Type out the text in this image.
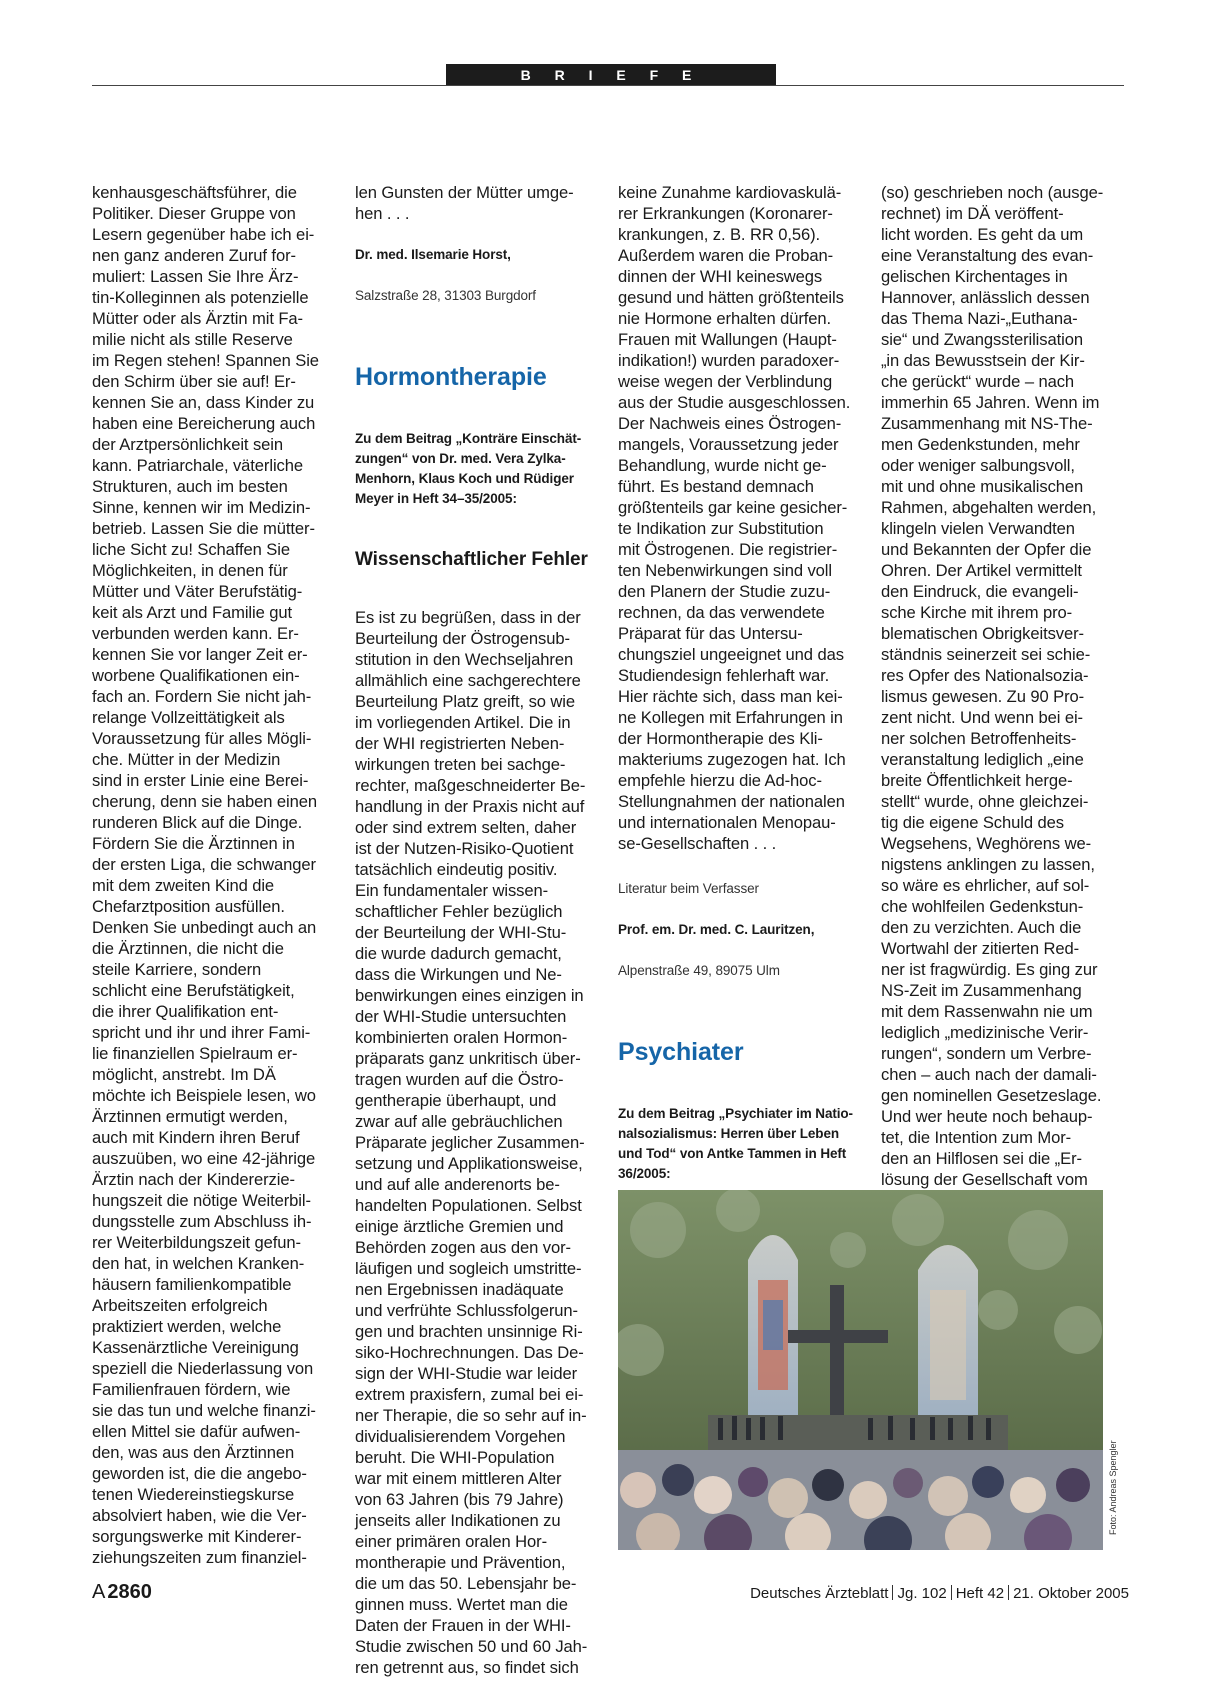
B R I E F E

kenhausgeschäftsführer, die
Politiker. Dieser Gruppe von
Lesern gegenüber habe ich ei-
nen ganz anderen Zuruf for-
muliert: Lassen Sie Ihre Ärz-
tin-Kolleginnen als potenzielle
Mütter oder als Ärztin mit Fa-
milie nicht als stille Reserve
im Regen stehen! Spannen Sie
den Schirm über sie auf! Er-
kennen Sie an, dass Kinder zu
haben eine Bereicherung auch
der Arztpersönlichkeit sein
kann. Patriarchale, väterliche
Strukturen, auch im besten
Sinne, kennen wir im Medizin-
betrieb. Lassen Sie die mütter-
liche Sicht zu! Schaffen Sie
Möglichkeiten, in denen für
Mütter und Väter Berufstätig-
keit als Arzt und Familie gut
verbunden werden kann. Er-
kennen Sie vor langer Zeit er-
worbene Qualifikationen ein-
fach an. Fordern Sie nicht jah-
relange Vollzeittätigkeit als
Voraussetzung für alles Mögli-
che. Mütter in der Medizin
sind in erster Linie eine Berei-
cherung, denn sie haben einen
runderen Blick auf die Dinge.
Fördern Sie die Ärztinnen in
der ersten Liga, die schwanger
mit dem zweiten Kind die
Chefarztposition ausfüllen.
Denken Sie unbedingt auch an
die Ärztinnen, die nicht die
steile Karriere, sondern
schlicht eine Berufstätigkeit,
die ihrer Qualifikation ent-
spricht und ihr und ihrer Fami-
lie finanziellen Spielraum er-
möglicht, anstrebt. Im DÄ
möchte ich Beispiele lesen, wo
Ärztinnen ermutigt werden,
auch mit Kindern ihren Beruf
auszuüben, wo eine 42-jährige
Ärztin nach der Kindererzie-
hungszeit die nötige Weiterbil-
dungsstelle zum Abschluss ih-
rer Weiterbildungszeit gefun-
den hat, in welchen Kranken-
häusern familienkompatible
Arbeitszeiten erfolgreich
praktiziert werden, welche
Kassenärztliche Vereinigung
speziell die Niederlassung von
Familienfrauen fördern, wie
sie das tun und welche finanzi-
ellen Mittel sie dafür aufwen-
den, was aus den Ärztinnen
geworden ist, die die angebo-
tenen Wiedereinstiegskurse
absolviert haben, wie die Ver-
sorgungswerke mit Kinderer-
ziehungszeiten zum finanziel-

len Gunsten der Mütter umge-
hen . . .

Dr. med. Ilsemarie Horst,

Salzstraße 28, 31303 Burgdorf

Hormontherapie

Zu dem Beitrag „Konträre Einschät-
zungen“ von Dr. med. Vera Zylka-
Menhorn, Klaus Koch und Rüdiger
Meyer in Heft 34–35/2005:

Wissenschaftlicher Fehler

Es ist zu begrüßen, dass in der
Beurteilung der Östrogensub-
stitution in den Wechseljahren
allmählich eine sachgerechtere
Beurteilung Platz greift, so wie
im vorliegenden Artikel. Die in
der WHI registrierten Neben-
wirkungen treten bei sachge-
rechter, maßgeschneiderter Be-
handlung in der Praxis nicht auf
oder sind extrem selten, daher
ist der Nutzen-Risiko-Quotient
tatsächlich eindeutig positiv.
Ein fundamentaler wissen-
schaftlicher Fehler bezüglich
der Beurteilung der WHI-Stu-
die wurde dadurch gemacht,
dass die Wirkungen und Ne-
benwirkungen eines einzigen in
der WHI-Studie untersuchten
kombinierten oralen Hormon-
präparats ganz unkritisch über-
tragen wurden auf die Östro-
gentherapie überhaupt, und
zwar auf alle gebräuchlichen
Präparate jeglicher Zusammen-
setzung und Applikationsweise,
und auf alle anderenorts be-
handelten Populationen. Selbst
einige ärztliche Gremien und
Behörden zogen aus den vor-
läufigen und sogleich umstritte-
nen Ergebnissen inadäquate
und verfrühte Schlussfolgerun-
gen und brachten unsinnige Ri-
siko-Hochrechnungen. Das De-
sign der WHI-Studie war leider
extrem praxisfern, zumal bei ei-
ner Therapie, die so sehr auf in-
dividualisierendem Vorgehen
beruht. Die WHI-Population
war mit einem mittleren Alter
von 63 Jahren (bis 79 Jahre)
jenseits aller Indikationen zu
einer primären oralen Hor-
montherapie und Prävention,
die um das 50. Lebensjahr be-
ginnen muss. Wertet man die
Daten der Frauen in der WHI-
Studie zwischen 50 und 60 Jah-
ren getrennt aus, so findet sich

keine Zunahme kardiovaskulä-
rer Erkrankungen (Koronarer-
krankungen, z. B. RR 0,56).
Außerdem waren die Proban-
dinnen der WHI keineswegs
gesund und hätten größtenteils
nie Hormone erhalten dürfen.
Frauen mit Wallungen (Haupt-
indikation!) wurden paradoxer-
weise wegen der Verblindung
aus der Studie ausgeschlossen.
Der Nachweis eines Östrogen-
mangels, Voraussetzung jeder
Behandlung, wurde nicht ge-
führt. Es bestand demnach
größtenteils gar keine gesicher-
te Indikation zur Substitution
mit Östrogenen. Die registrier-
ten Nebenwirkungen sind voll
den Planern der Studie zuzu-
rechnen, da das verwendete
Präparat für das Untersu-
chungsziel ungeeignet und das
Studiendesign fehlerhaft war.
Hier rächte sich, dass man kei-
ne Kollegen mit Erfahrungen in
der Hormontherapie des Kli-
makteriums zugezogen hat. Ich
empfehle hierzu die Ad-hoc-
Stellungnahmen der nationalen
und internationalen Menopau-
se-Gesellschaften . . .

Literatur beim Verfasser

Prof. em. Dr. med. C. Lauritzen,

Alpenstraße 49, 89075 Ulm

Psychiater

Zu dem Beitrag „Psychiater im Natio-
nalsozialismus: Herren über Leben
und Tod“ von Antke Tammen in Heft
36/2005:

(so) geschrieben noch (ausge-
rechnet) im DÄ veröffent-
licht worden. Es geht da um
eine Veranstaltung des evan-
gelischen Kirchentages in
Hannover, anlässlich dessen
das Thema Nazi-„Euthana-
sie“ und Zwangssterilisation
„in das Bewusstsein der Kir-
che gerückt“ wurde – nach
immerhin 65 Jahren. Wenn im
Zusammenhang mit NS-The-
men Gedenkstunden, mehr
oder weniger salbungsvoll,
mit und ohne musikalischen
Rahmen, abgehalten werden,
klingeln vielen Verwandten
und Bekannten der Opfer die
Ohren. Der Artikel vermittelt
den Eindruck, die evangeli-
sche Kirche mit ihrem pro-
blematischen Obrigkeitsver-
ständnis seinerzeit sei schie-
res Opfer des Nationalsozia-
lismus gewesen. Zu 90 Pro-
zent nicht. Und wenn bei ei-
ner solchen Betroffenheits-
veranstaltung lediglich „eine
breite Öffentlichkeit herge-
stellt“ wurde, ohne gleichzei-
tig die eigene Schuld des
Wegsehens, Weghörens we-
nigstens anklingen zu lassen,
so wäre es ehrlicher, auf sol-
che wohlfeilen Gedenkstun-
den zu verzichten. Auch die
Wortwahl der zitierten Red-
ner ist fragwürdig. Es ging zur
NS-Zeit im Zusammenhang
mit dem Rassenwahn nie um
lediglich „medizinische Verir-
rungen“, sondern um Verbre-
chen – auch nach der damali-
gen nominellen Gesetzeslage.
Und wer heute noch behaup-
tet, die Intention zum Mor-
den an Hilflosen sei die „Er-
lösung der Gesellschaft vom

Foto: Andreas Spengler
A 2860	Deutsches Ärzteblatt Jg. 102 Heft 42 21. Oktober 2005
